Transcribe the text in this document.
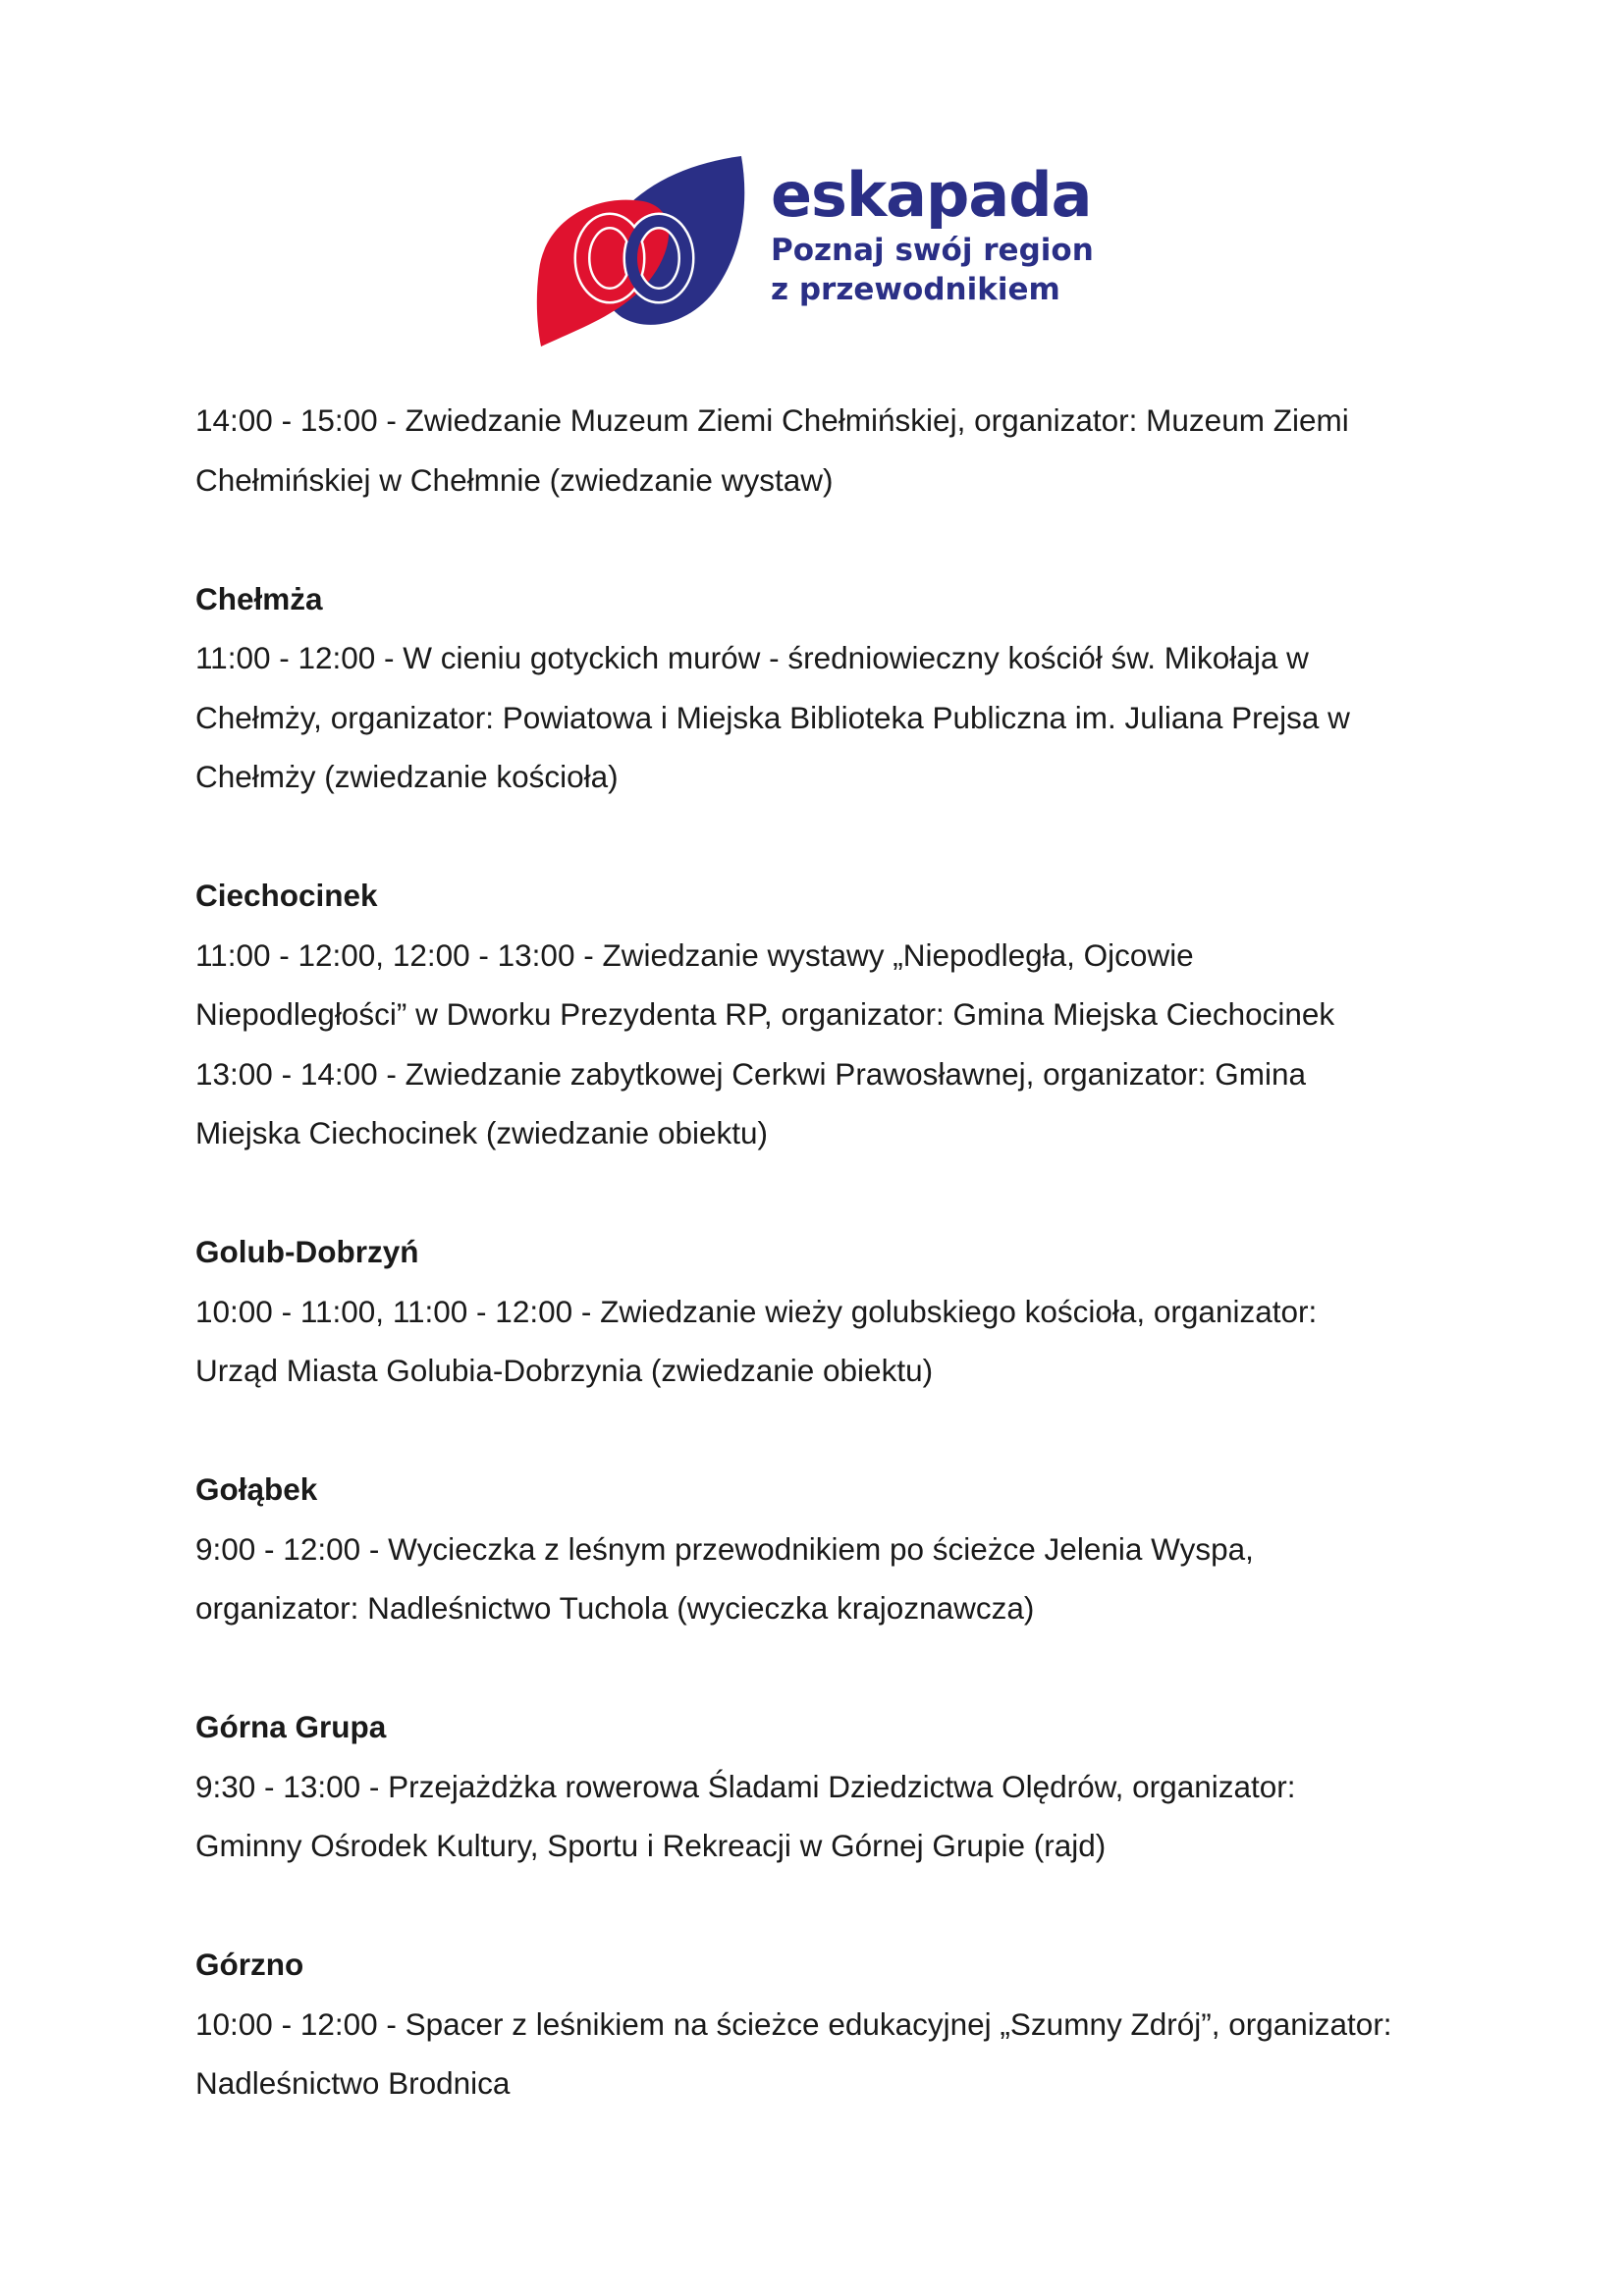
eskapada
Poznaj swój region
z przewodnikiem
14:00 - 15:00 - Zwiedzanie Muzeum Ziemi Chełmińskiej, organizator: Muzeum Ziemi
Chełmińskiej w Chełmnie (zwiedzanie wystaw)
Chełmża
11:00 - 12:00 - W cieniu gotyckich murów - średniowieczny kościół św. Mikołaja w
Chełmży, organizator: Powiatowa i Miejska Biblioteka Publiczna im. Juliana Prejsa w
Chełmży (zwiedzanie kościoła)
Ciechocinek
11:00 - 12:00, 12:00 - 13:00 - Zwiedzanie wystawy „Niepodległa, Ojcowie
Niepodległości” w Dworku Prezydenta RP, organizator: Gmina Miejska Ciechocinek
13:00 - 14:00 - Zwiedzanie zabytkowej Cerkwi Prawosławnej, organizator: Gmina
Miejska Ciechocinek (zwiedzanie obiektu)
Golub-Dobrzyń
10:00 - 11:00, 11:00 - 12:00 - Zwiedzanie wieży golubskiego kościoła, organizator:
Urząd Miasta Golubia-Dobrzynia (zwiedzanie obiektu)
Gołąbek
9:00 - 12:00 - Wycieczka z leśnym przewodnikiem po ścieżce Jelenia Wyspa,
organizator: Nadleśnictwo Tuchola (wycieczka krajoznawcza)
Górna Grupa
9:30 - 13:00 - Przejażdżka rowerowa Śladami Dziedzictwa Olędrów, organizator:
Gminny Ośrodek Kultury, Sportu i Rekreacji w Górnej Grupie (rajd)
Górzno
10:00 - 12:00 - Spacer z leśnikiem na ścieżce edukacyjnej „Szumny Zdrój”, organizator:
Nadleśnictwo Brodnica
